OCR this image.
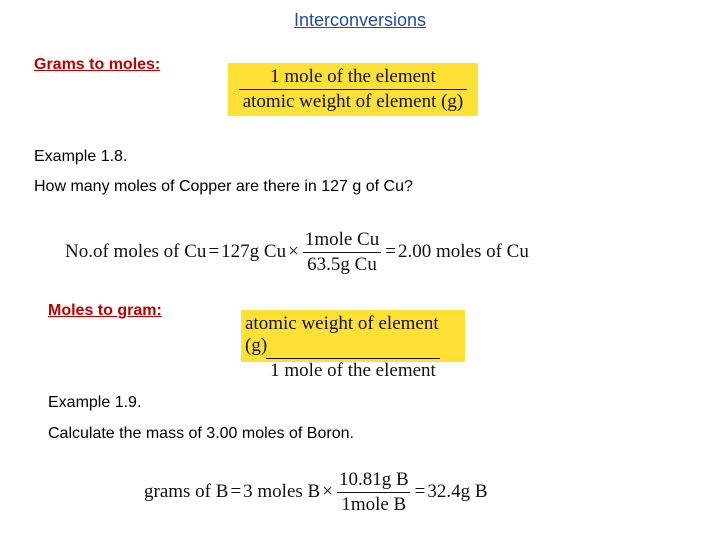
Interconversions
Grams to moles:
1 mole of the element
atomic weight of element (g)
Example 1.8.
How many moles of Copper are there in 127 g of Cu?
No.of moles of Cu = 127g $Cu \times \frac{\text{1mole Cu}}{\text{63.5g Cu}} = 2.00$ moles of Cu
Moles to gram:
atomic weight of element (g)
1 mole of the element
Example 1.9.
Calculate the mass of 3.00 moles of Boron.
grams of B = 3 moles $B \times \frac{\text{10.81g B}}{\text{1mole B}} = 32.4g$ B
